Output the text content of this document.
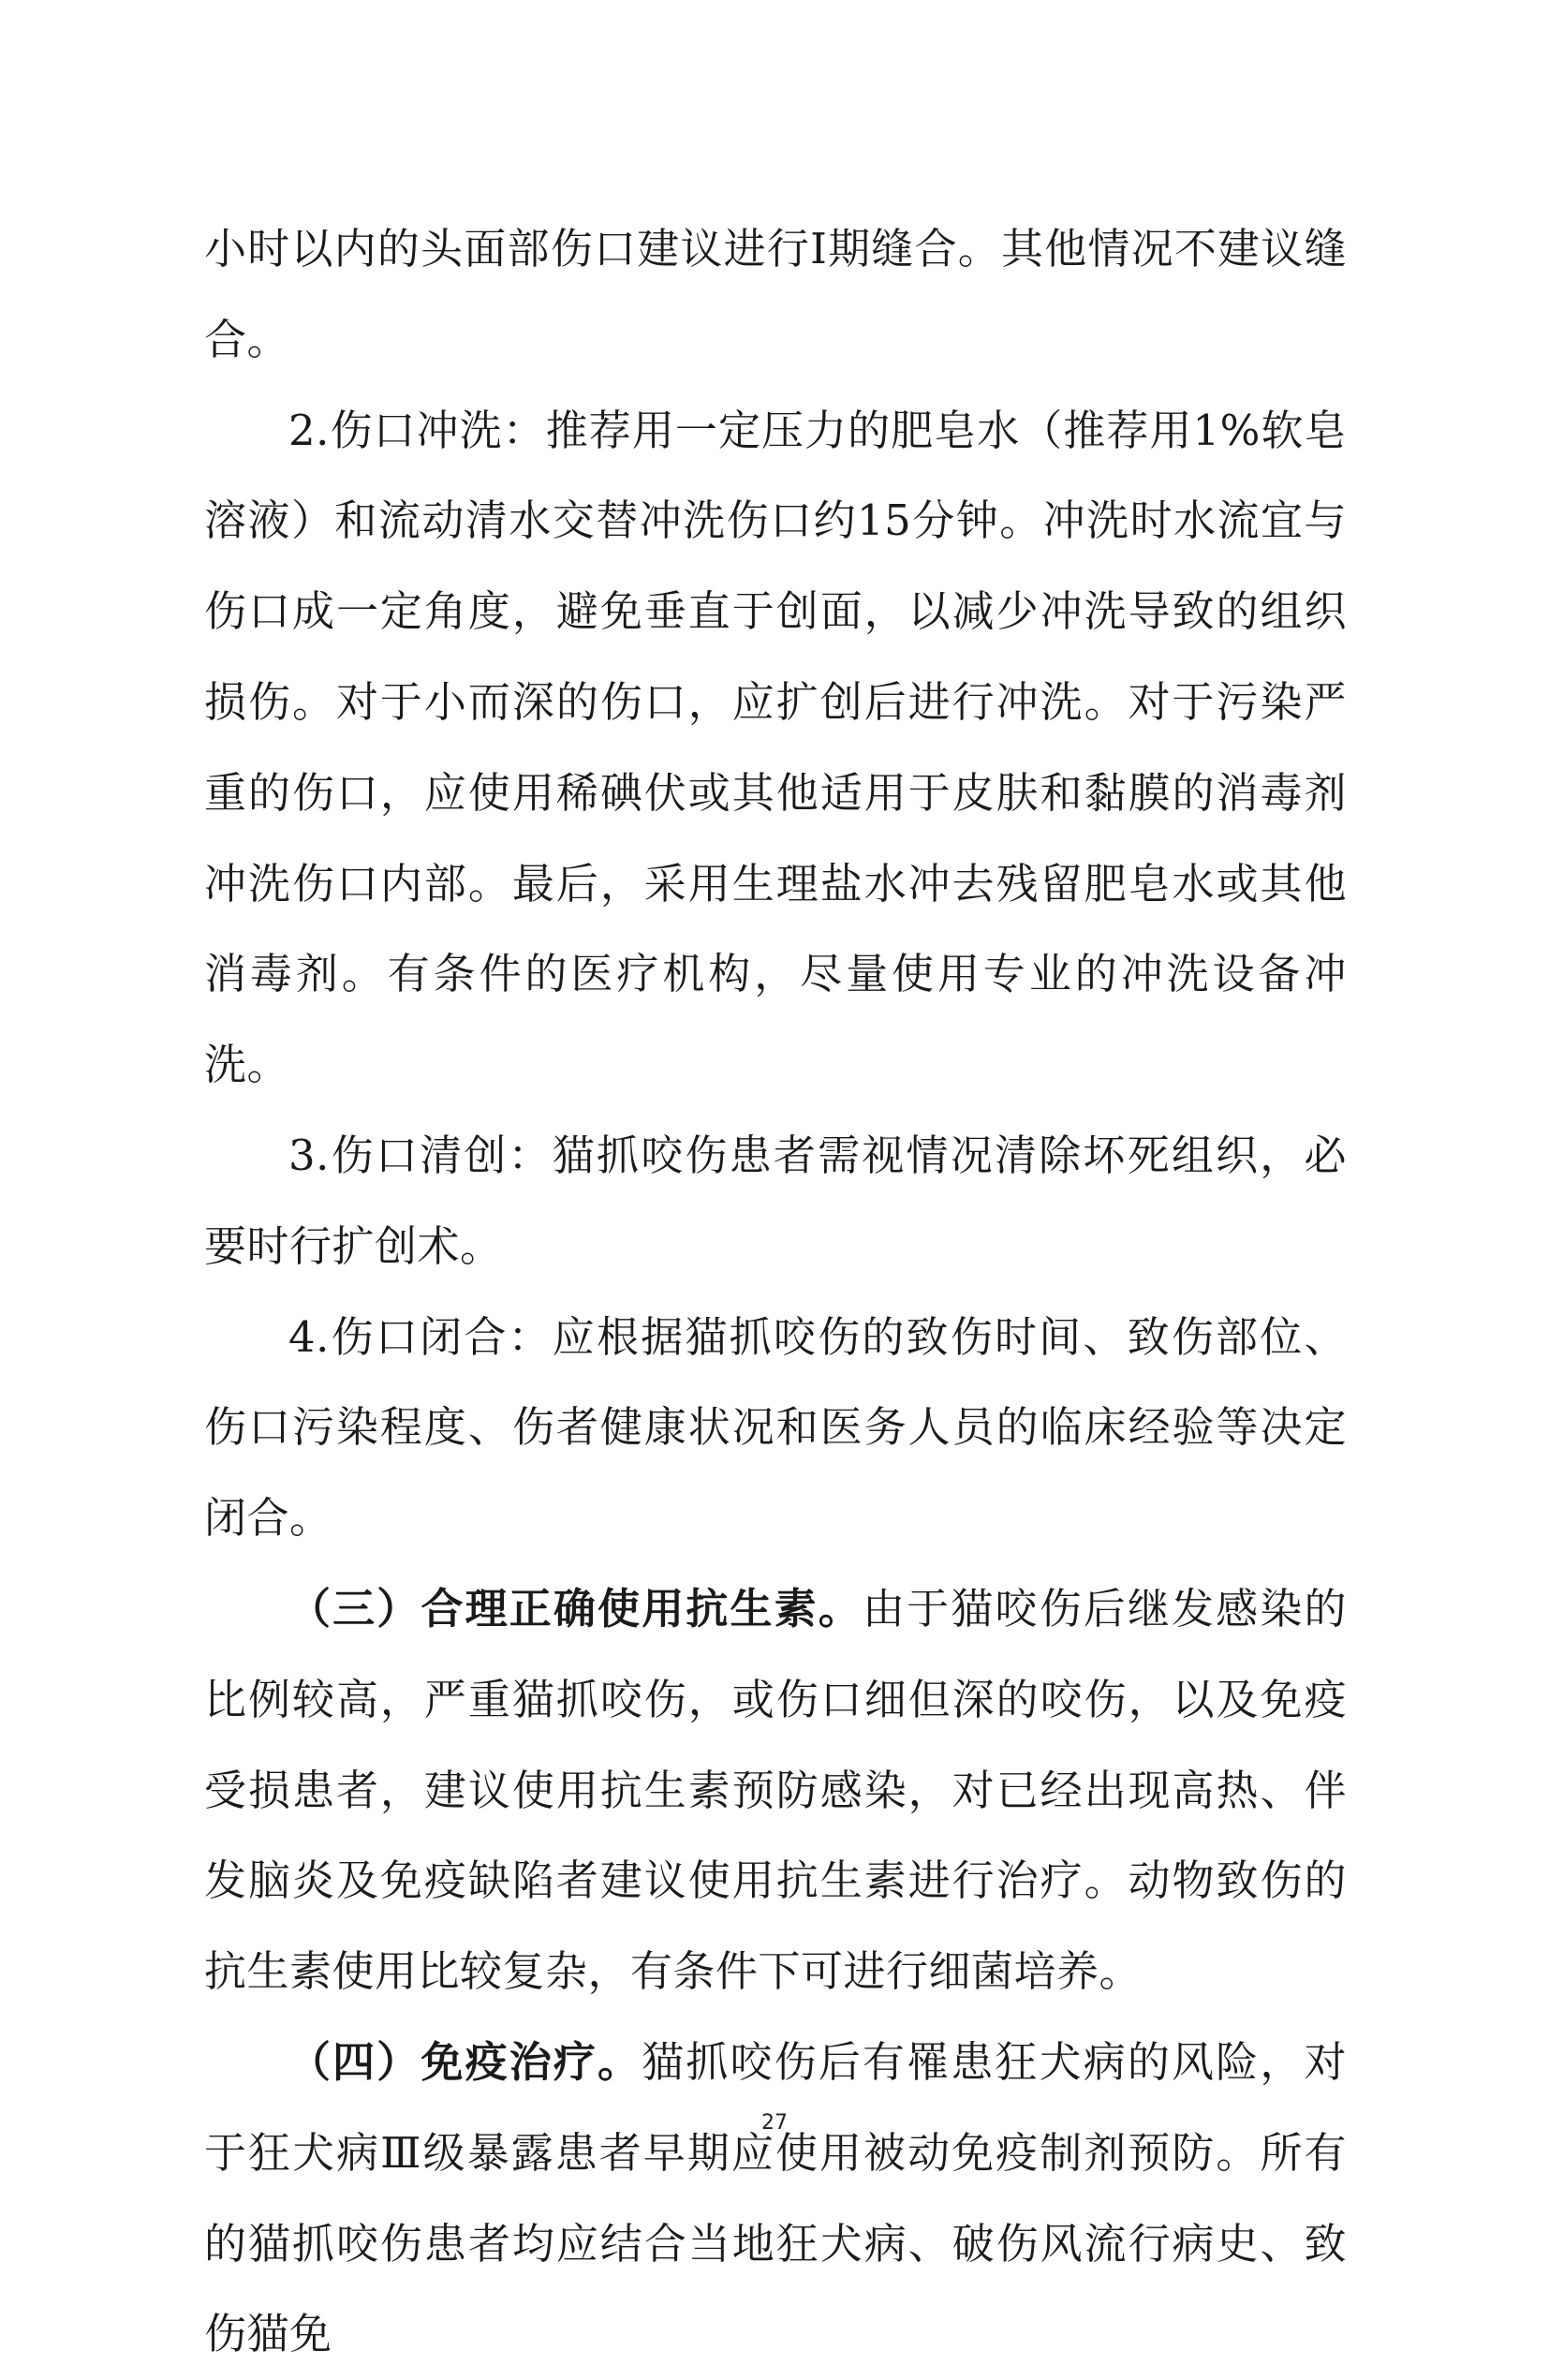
小时以内的头面部伤口建议进行Ⅰ期缝合。其他情况不建议缝合。

2.伤口冲洗：推荐用一定压力的肥皂水（推荐用1%软皂溶液）和流动清水交替冲洗伤口约15分钟。冲洗时水流宜与伤口成一定角度，避免垂直于创面，以减少冲洗导致的组织损伤。对于小而深的伤口，应扩创后进行冲洗。对于污染严重的伤口，应使用稀碘伏或其他适用于皮肤和黏膜的消毒剂冲洗伤口内部。最后，采用生理盐水冲去残留肥皂水或其他消毒剂。有条件的医疗机构，尽量使用专业的冲洗设备冲洗。

3.伤口清创：猫抓咬伤患者需视情况清除坏死组织，必要时行扩创术。

4.伤口闭合：应根据猫抓咬伤的致伤时间、致伤部位、伤口污染程度、伤者健康状况和医务人员的临床经验等决定闭合。

（三）合理正确使用抗生素。由于猫咬伤后继发感染的比例较高，严重猫抓咬伤，或伤口细但深的咬伤，以及免疫受损患者，建议使用抗生素预防感染，对已经出现高热、伴发脑炎及免疫缺陷者建议使用抗生素进行治疗。动物致伤的抗生素使用比较复杂，有条件下可进行细菌培养。

（四）免疫治疗。猫抓咬伤后有罹患狂犬病的风险，对于狂犬病Ⅲ级暴露患者早期应使用被动免疫制剂预防。所有的猫抓咬伤患者均应结合当地狂犬病、破伤风流行病史、致伤猫免

27
